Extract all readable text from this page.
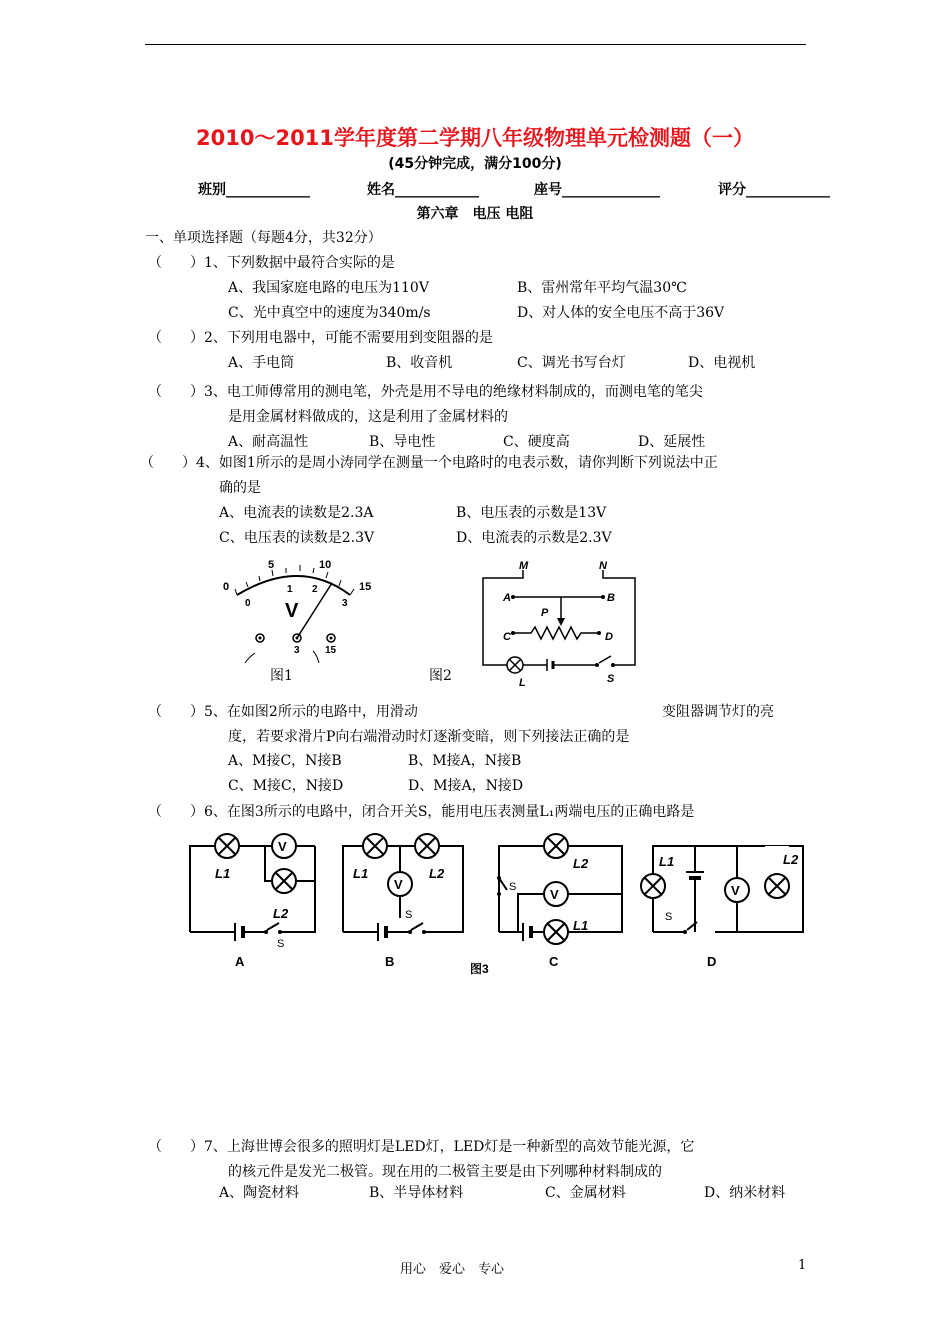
2010～2011学年度第二学期八年级物理单元检测题（一）
(45分钟完成，满分100分)
班别____________	姓名____________	座号______________	评分____________
第六章　电压 电阻
一、单项选择题（每题4分，共32分）
（　　）1、下列数据中最符合实际的是
A、我国家庭电路的电压为110V	B、雷州常年平均气温30℃
C、光中真空中的速度为340m/s	D、对人体的安全电压不高于36V
（　　）2、下列用电器中，可能不需要用到变阻器的是
A、手电筒	B、收音机	C、调光书写台灯	D、电视机
（　　）3、电工师傅常用的测电笔，外壳是用不导电的绝缘材料制成的，而测电笔的笔尖
是用金属材料做成的，这是利用了金属材料的
A、耐高温性	B、导电性	C、硬度高	D、延展性
（　　）4、如图1所示的是周小涛同学在测量一个电路时的电表示数，请你判断下列说法中正
确的是
A、电流表的读数是2.3A	B、电压表的示数是13V
C、电压表的读数是2.3V	D、电流表的示数是2.3V
0
5	10
15
0
1 2
3
V
3	15
图1
M	N
A	B
P
C	D
L	S
图2
（　　）5、在如图2所示的电路中，用滑动	变阻器调节灯的亮
度，若要求滑片P向右端滑动时灯逐渐变暗，则下列接法正确的是
A、M接C，N接B	B、M接A，N接B
C、M接C，N接D	D、M接A，N接D
（　　）6、在图3所示的电路中，闭合开关S，能用电压表测量L₁两端电压的正确电路是
V
L1
L2
S
A
V
L1	L2
S
B
V
L2
L1
S
C
V
L1	L2
S
D
图3
（　　）7、上海世博会很多的照明灯是LED灯，LED灯是一种新型的高效节能光源，它
的核元件是发光二极管。现在用的二极管主要是由下列哪种材料制成的
A、陶瓷材料	B、半导体材料	C、金属材料	D、纳米材料
用心　爱心　专心	1
